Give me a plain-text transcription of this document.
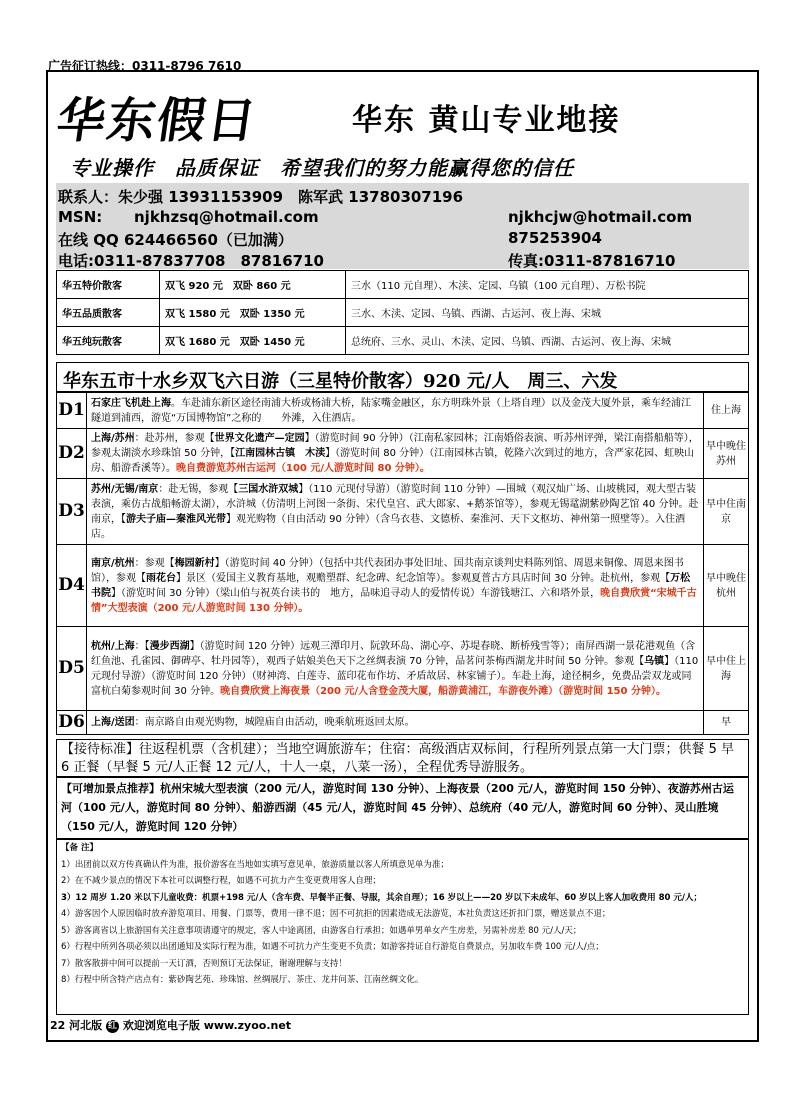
广告征订热线：0311-8796 7610
华东假日	华东 黄山专业地接
专业操作　品质保证　希望我们的努力能赢得您的信任
联系人：朱少强 13931153909　陈军武 13780307196
MSN: njkhzsq@hotmail.com	njkhcjw@hotmail.com
在线 QQ 624466560（已加满）	875253904
电话:0311-87837708　87816710	传真:0311-87816710
华五特价散客	双飞 920 元　 双卧 860 元	三水（110 元自理）、木渎、定园、乌镇（100 元自理）、万松书院
华五品质散客	双飞 1580 元　 双卧 1350 元	三水、木渎、定园、乌镇、西湖、古运河、夜上海、宋城
华五纯玩散客	双飞 1680 元　 双卧 1450 元	总统府、三水、灵山、木渎、定园、乌镇、西湖、古运河、夜上海、宋城
华东五市十水乡双飞六日游（三星特价散客）920 元/人　周三、六发
D1	石家庄飞机赴上海。车赴浦东新区途径南浦大桥或杨浦大桥，陆家嘴金融区，东方明珠外景（上塔自理）以及金茂大厦外景，乘车经浦江隧道到浦西，游览“万国博物馆”之称的　　外滩，入住酒店。	住上海
D2	上海/苏州：赴苏州，参观【世界文化遗产—定园】（游览时间 90 分钟）（江南私家园林；江南婚俗表演、听苏州评弹，梁江南搭船船等），参观太湖淡水珍珠馆 50 分钟，【江南园林古镇　木渎】（游览时间 80 分钟）（江南园林古镇，乾隆六次到过的地方，含严家花园、虹映山房、船游香溪等）。晚自费游览苏州古运河（100 元/人游览时间 80 分钟）。	早中晚住苏州
D3	苏州/无锡/南京：赴无锡，参观【三国水浒双城】（110 元现付导游）（游览时间 110 分钟）—围城（观汉灿广场、山坡桃园，观大型古装表演，乘仿古战船畅游太湖），水浒城（仿清明上河图一条街、宋代皇宫、武大郎家、+鹅茶馆等），参观无锡鼋湖紫砂陶艺馆 40 分钟。赴南京，【游夫子庙—秦淮风光带】观光购物（自由活动 90 分钟）（含乌衣巷、文德桥、秦淮河、天下文枢坊、神州第一照壁等）。入住酒店。	早中住南京
D4	南京/杭州：参观【梅园新村】（游览时间 40 分钟）（包括中共代表团办事处旧址、国共南京谈判史料陈列馆、周恩来铜像、周恩来图书馆），参观【雨花台】景区（爱国主义教育基地，观赡塑群、纪念碑、纪念馆等）。参观夏普古方具店时间 30 分钟。赴杭州，参观【万松书院】（游览时间 30 分钟）（梁山伯与祝英台读书的　地方，品味追寻动人的爱情传说）车游钱塘江、六和塔外景，晚自费欣赏“宋城千古情”大型表演（200 元/人游览时间 130 分钟）。	早中晚住杭州
D5	杭州/上海：【漫步西湖】（游览时间 120 分钟）远观三潭印月、阮敦环岛、湖心亭、苏堤春晓、断桥残雪等）；南屏西湖一景花港观鱼（含红鱼池、孔雀园、御碑亭、牡丹园等），观西子姑娘美色天下之丝绸表演 70 分钟，品茗问茶梅西湖龙井时间 50 分钟。参观【乌镇】（110 元现付导游）（游览时间 120 分钟）（财神湾、白莲寺、蓝印花布作坊、矛盾故居、林家铺子）。车赴上海，途径桐乡，免费品尝双龙或同富杭白菊参观时间 30 分钟。晚自费欣赏上海夜景（200 元/人含登金茂大厦，船游黄浦江，车游夜外滩）（游览时间 150 分钟）。	早中住上海
D6	上海/送团：南京路自由观光购物，城隍庙自由活动，晚乘航班返回太原。	早
【接待标准】往返程机票（含机建）；当地空调旅游车；住宿：高级酒店双标间，行程所列景点第一大门票；供餐 5 早 6 正餐（早餐 5 元/人正餐 12 元/人，十人一桌，八菜一汤），全程优秀导游服务。
【可增加景点推荐】杭州宋城大型表演（200 元/人，游览时间 130 分钟）、上海夜景（200 元/人，游览时间 150 分钟）、夜游苏州古运河（100 元/人，游览时间 80 分钟）、船游西湖（45 元/人，游览时间 45 分钟）、总统府（40 元/人，游览时间 60 分钟）、灵山胜境（150 元/人，游览时间 120 分钟）
【备 注】
1）出团前以双方传真确认件为准，报价游客在当地如实填写意见单，旅游质量以客人所填意见单为准；
2）在不减少景点的情况下本社可以调整行程，如遇不可抗力产生变更费用客人自理；
3）12 周岁 1.20 米以下儿童收费：机票+198 元/人（含车费、早餐半正餐、导服，其余自理）；16 岁以上——20 岁以下未成年、60 岁以上客人加收费用 80 元/人；
4）游客因个人原因临时放弃游览项目、用餐、门票等，费用一律不退；因不可抗拒的因素造成无法游览，本社负责这还折扣门票，赠送景点不退；
5）游客离省以上旅游国有关注意事项请遵守的规定，客人中途离团，由游客自行承担；如遇单男单女产生房差，另需补房差 80 元/人/天；
6）行程中所列各项必须以出团通知及实际行程为准，如遇不可抗力产生变更不负责；如游客持证自行游览自费景点，另加收车费 100 元/人/点；
7）散客散拼中间可以提前一天订酒，否则预订无法保证，谢谢理解与支持！
8）行程中所含特产店点有：紫砂陶艺苑、珍珠馆、丝绸展厅、茶庄、龙井问茶、江南丝绸文化。
22 河北版 红 欢迎浏览电子版 www.zyoo.net
